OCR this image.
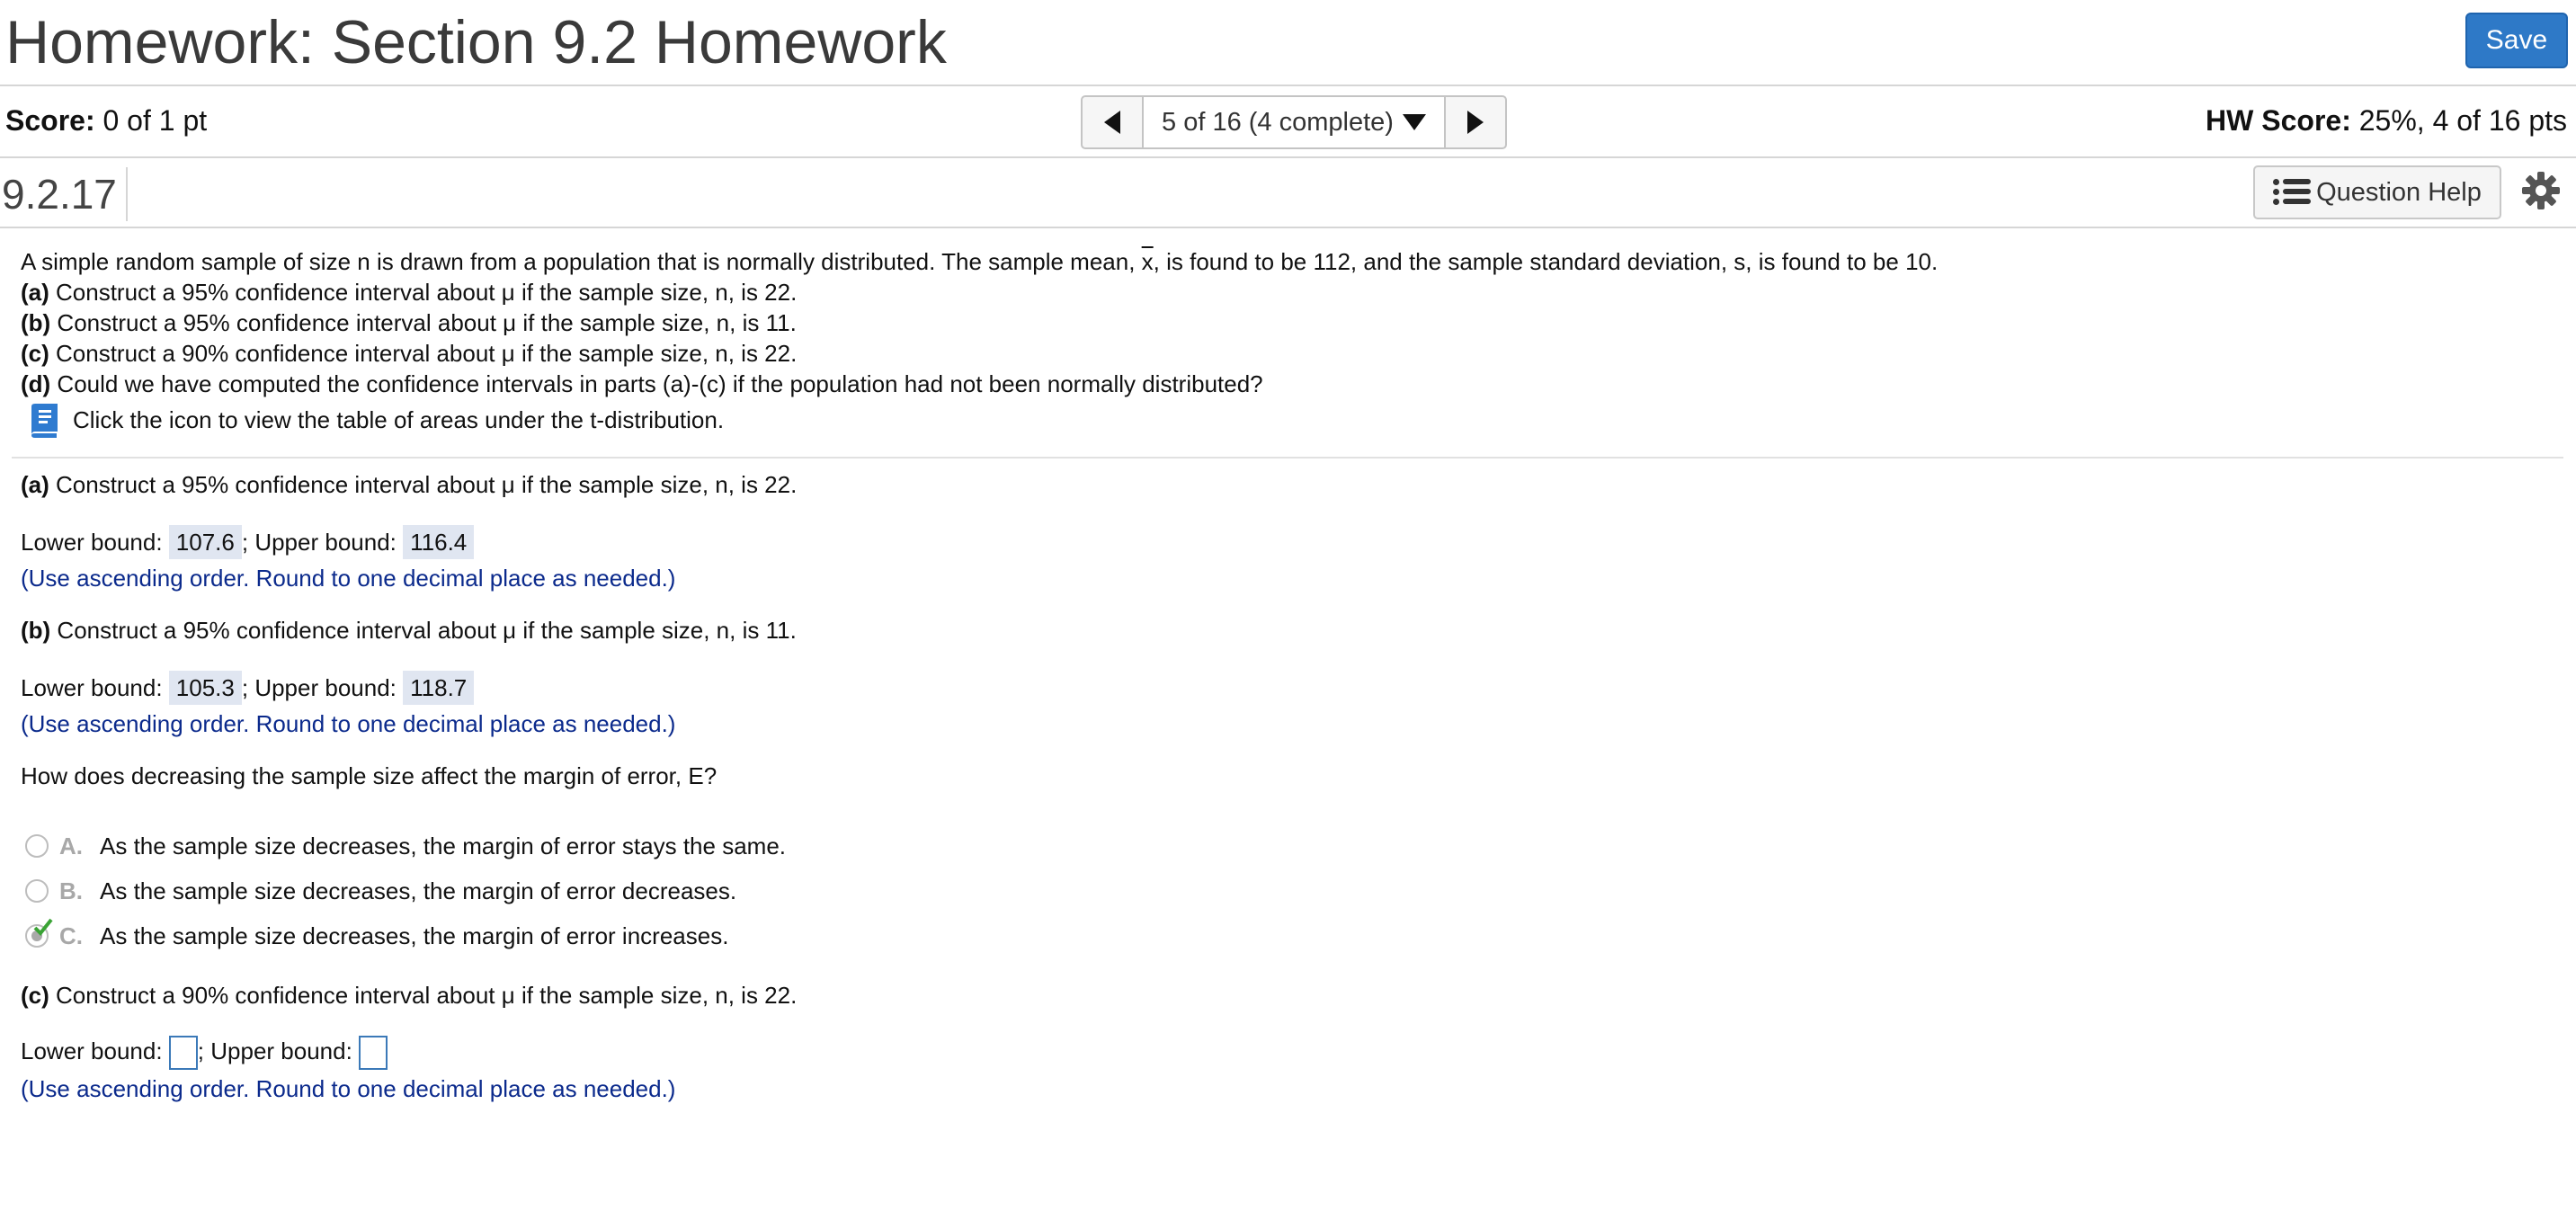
Homework: Section 9.2 Homework	Save
Score: 0 of 1 pt	5 of 16 (4 complete)	HW Score: 25%, 4 of 16 pts
9.2.17	Question Help
A simple random sample of size n is drawn from a population that is normally distributed. The sample mean, $\overline{x}$, is found to be 112, and the sample standard deviation, s, is found to be 10.
(a) Construct a 95% confidence interval about μ if the sample size, n, is 22.
(b) Construct a 95% confidence interval about μ if the sample size, n, is 11.
(c) Construct a 90% confidence interval about μ if the sample size, n, is 22.
(d) Could we have computed the confidence intervals in parts (a)-(c) if the population had not been normally distributed?
Click the icon to view the table of areas under the t-distribution.
(a) Construct a 95% confidence interval about μ if the sample size, n, is 22.
Lower bound: 107.6 ; Upper bound: 116.4
(Use ascending order. Round to one decimal place as needed.)
(b) Construct a 95% confidence interval about μ if the sample size, n, is 11.
Lower bound: 105.3 ; Upper bound: 118.7
(Use ascending order. Round to one decimal place as needed.)
How does decreasing the sample size affect the margin of error, E?
A. As the sample size decreases, the margin of error stays the same.
B. As the sample size decreases, the margin of error decreases.
C. As the sample size decreases, the margin of error increases.
(c) Construct a 90% confidence interval about μ if the sample size, n, is 22.
Lower bound: ; Upper bound:
(Use ascending order. Round to one decimal place as needed.)
